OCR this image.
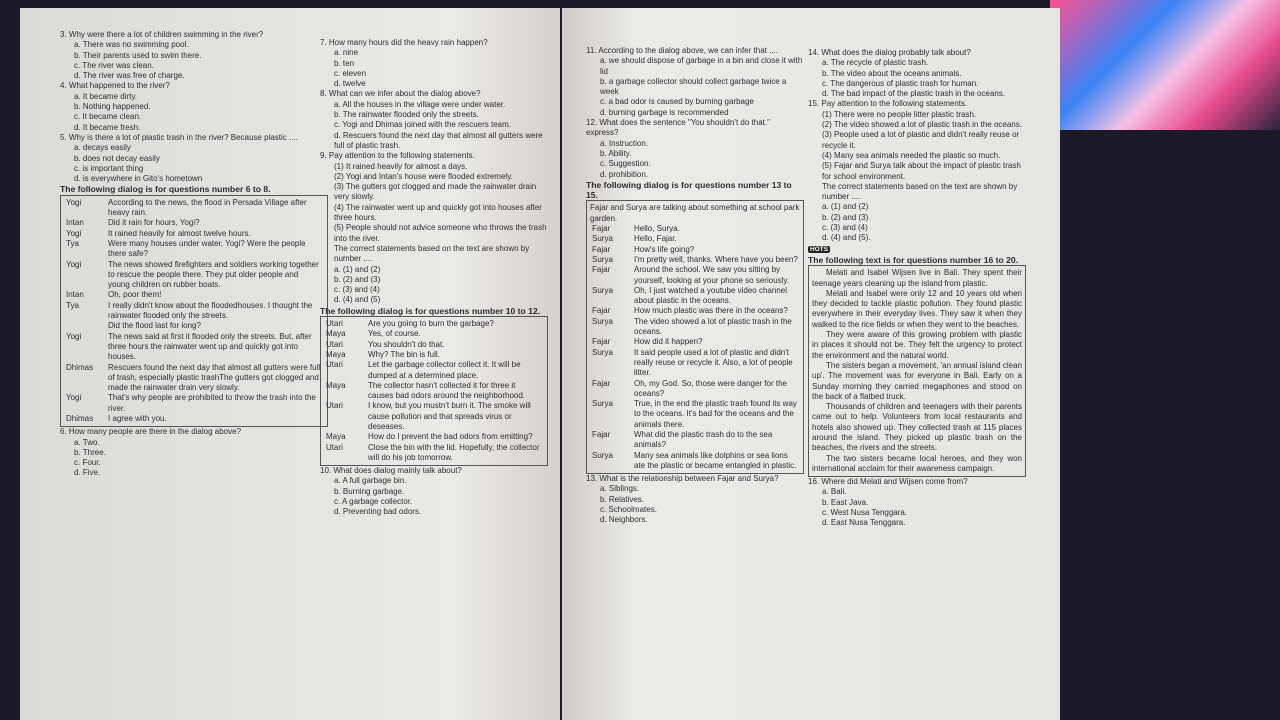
3. Why were there a lot of children swimming in the river?
a. There was no swimming pool.
b. Their parents used to swim there.
c. The river was clean.
d. The river was free of charge.
4. What happened to the river?
a. It became dirty.
b. Nothing happened.
c. It became clean.
d. It became fresh.
5. Why is there a lot of plastic trash in the river? Because plastic ....
a. decays easily
b. does not decay easily
c. is important thing
d. is everywhere in Gito's hometown
The following dialog is for questions number 6 to 8.
Yogi	According to the news, the flood in Persada Village after heavy rain.
Intan	Did it rain for hours, Yogi?
Yogi	It rained heavily for almost twelve hours.
Tya	Were many houses under water, Yogi? Were the people there safe?
Yogi	The news showed firefighters and soldiers working together to rescue the people there. They put older people and young children on rubber boats.
Intan	Oh, poor them!
Tya	I really didn't know about the floodedhouses. I thought the rainwater flooded only the streets.
	Did the flood last for long?
Yogi	The news said at first it flooded only the streets. But, after three hours the rainwater went up and quickly got into houses.
Dhimas	Rescuers found the next day that almost all gutters were full of trash, especially plastic trashThe gutters got clogged and made the rainwater drain very slowly.
Yogi	That's why people are prohibited to throw the trash into the river.
Dhimas	I agree with you.
6. How many people are there in the dialog above?
a. Two.
b. Three.
c. Four.
d. Five.
7. How many hours did the heavy rain happen?
a. nine
b. ten
c. eleven
d. twelve
8. What can we infer about the dialog above?
a. All the houses in the village were under water.
b. The rainwater flooded only the streets.
c. Yogi and Dhimas joined with the rescuers team.
d. Rescuers found the next day that almost all gutters were full of plastic trash.
9. Pay attention to the following statements.
(1) It rained heavily for almost a days.
(2) Yogi and Intan's house were flooded extremely.
(3) The gutters got clogged and made the rainwater drain very slowly.
(4) The rainwater went up and quickly got into houses after three hours.
(5) People should not advice someone who throws the trash into the river.
The correct statements based on the text are shown by number ....
a. (1) and (2)
b. (2) and (3)
c. (3) and (4)
d. (4) and (5)
The following dialog is for questions number 10 to 12.
Utari	Are you going to burn the garbage?
Maya	Yes, of course.
Utari	You shouldn't do that.
Maya	Why? The bin is full.
Utari	Let the garbage collector collect it. It will be dumped at a determined place.
Maya	The collector hasn't collected it for three it causes bad odors around the neighborhood.
Utari	I know, but you mustn't burn it. The smoke will cause pollution and that spreads virus or deseases.
Maya	How do I prevent the bad odors from emitting?
Utari	Close the bin with the lid. Hopefully, the collector will do his job tomorrow.
10. What does dialog mainly talk about?
a. A full garbage bin.
b. Burning garbage.
c. A garbage collector.
d. Preventing bad odors.
11. According to the dialog above, we can infer that ....
a. we should dispose of garbage in a bin and close it with lid
b. a garbage collector should collect garbage twice a week
c. a bad odor is caused by burning garbage
d. burning garbage is recommended
12. What does the sentence "You shouldn't do that." express?
a. Instruction.
b. Ability.
c. Suggestion.
d. prohibition.
The following dialog is for questions number 13 to 15.
Fajar and Surya are talking about something at school park garden.
Fajar	Hello, Surya.
Surya	Hello, Fajar.
Fajar	How's life going?
Surya	I'm pretty well, thanks. Where have you been?
Fajar	Around the school. We saw you sitting by yourself, looking at your phone so seriously.
Surya	Oh, I just watched a youtube video channel about plastic in the oceans.
Fajar	How much plastic was there in the oceans?
Surya	The video showed a lot of plastic trash in the oceans.
Fajar	How did it happen?
Surya	It said people used a lot of plastic and didn't really reuse or recycle it. Also, a lot of people litter.
Fajar	Oh, my God. So, those were danger for the oceans?
Surya	True, in the end the plastic trash found its way to the oceans. It's bad for the oceans and the animals there.
Fajar	What did the plastic trash do to the sea animals?
Surya	Many sea animals like dolphins or sea lions ate the plastic or became entangled in plastic.
13. What is the relationship between Fajar and Surya?
a. Siblings.
b. Relatives.
c. Schoolmates.
d. Neighbors.
14. What does the dialog probably talk about?
a. The recycle of plastic trash.
b. The video about the oceans animals.
c. The dangerous of plastic trash for human.
d. The bad impact of the plastic trash in the oceans.
15. Pay attention to the following statements.
(1) There were no people litter plastic trash.
(2) The video showed a lot of plastic trash in the oceans.
(3) People used a lot of plastic and didn't really reuse or recycle it.
(4) Many sea animals needed the plastic so much.
(5) Fajar and Surya talk about the impact of plastic trash for school environment.
The correct statements based on the text are shown by number ....
a. (1) and (2)
b. (2) and (3)
c. (3) and (4)
d. (4) and (5).
HOTS
The following text is for questions number 16 to 20.

Melati and Isabel Wijsen live in Bali. They spent their teenage years cleaning up the island from plastic.

Melati and Isabel were only 12 and 10 years old when they decided to tackle plastic pollution. They found plastic everywhere in their everyday lives. They saw it when they walked to the rice fields or when they went to the beaches.

They were aware of this growing problem with plastic in places it should not be. They felt the urgency to protect the environment and the natural world.

The sisters began a movement, 'an annual island clean up'. The movement was for everyone in Bali. Early on a Sunday morning they carried megaphones and stood on the back of a flatbed truck.

Thousands of children and teenagers with their parents came out to help. Volunteers from local restaurants and hotels also showed up. They collected trash at 115 places around the island. They picked up plastic trash on the beaches, the rivers and the streets.

The two sisters became local heroes, and they won international acclaim for their awareness campaign.

16. Where did Melati and Wijsen come from?
a. Bali.
b. East Java.
c. West Nusa Tenggara.
d. East Nusa Tenggara.
